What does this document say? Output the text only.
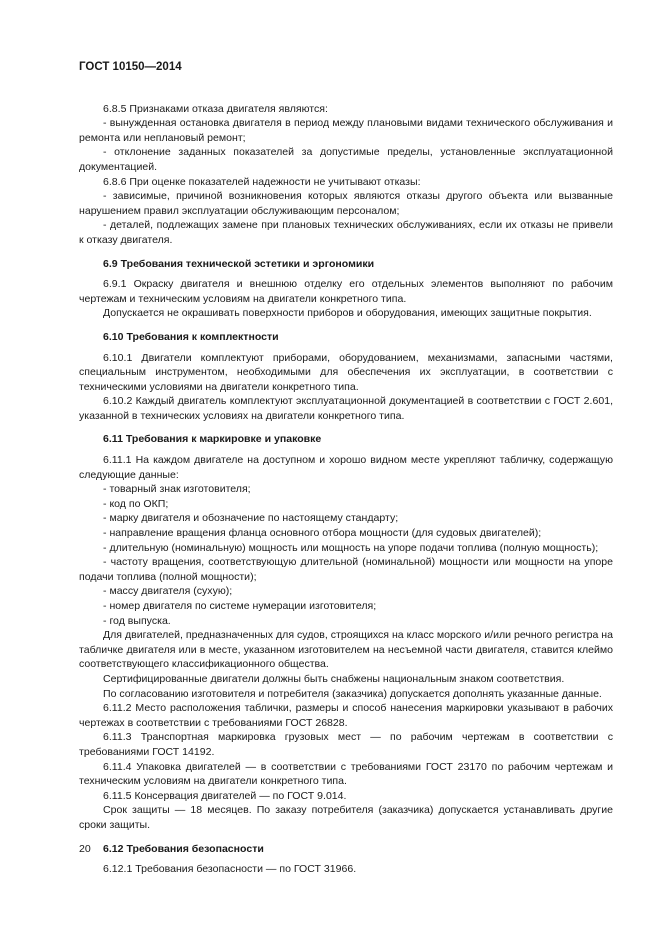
ГОСТ 10150—2014

6.8.5 Признаками отказа двигателя являются:

- вынужденная остановка двигателя в период между плановыми видами технического обслуживания и ремонта или неплановый ремонт;

- отклонение заданных показателей за допустимые пределы, установленные эксплуатационной документацией.

6.8.6 При оценке показателей надежности не учитывают отказы:

- зависимые, причиной возникновения которых являются отказы другого объекта или вызванные нарушением правил эксплуатации обслуживающим персоналом;

- деталей, подлежащих замене при плановых технических обслуживаниях, если их отказы не привели к отказу двигателя.

6.9 Требования технической эстетики и эргономики

6.9.1 Окраску двигателя и внешнюю отделку его отдельных элементов выполняют по рабочим чертежам и техническим условиям на двигатели конкретного типа.

Допускается не окрашивать поверхности приборов и оборудования, имеющих защитные покрытия.

6.10 Требования к комплектности

6.10.1 Двигатели комплектуют приборами, оборудованием, механизмами, запасными частями, специальным инструментом, необходимыми для обеспечения их эксплуатации, в соответствии с техническими условиями на двигатели конкретного типа.

6.10.2 Каждый двигатель комплектуют эксплуатационной документацией в соответствии с ГОСТ 2.601, указанной в технических условиях на двигатели конкретного типа.

6.11 Требования к маркировке и упаковке

6.11.1 На каждом двигателе на доступном и хорошо видном месте укрепляют табличку, содержащую следующие данные:

- товарный знак изготовителя;

- код по ОКП;

- марку двигателя и обозначение по настоящему стандарту;

- направление вращения фланца основного отбора мощности (для судовых двигателей);

- длительную (номинальную) мощность или мощность на упоре подачи топлива (полную мощность);

- частоту вращения, соответствующую длительной (номинальной) мощности или мощности на упоре подачи топлива (полной мощности);

- массу двигателя (сухую);

- номер двигателя по системе нумерации изготовителя;

- год выпуска.

Для двигателей, предназначенных для судов, строящихся на класс морского и/или речного регистра на табличке двигателя или в месте, указанном изготовителем на несъемной части двигателя, ставится клеймо соответствующего классификационного общества.

Сертифицированные двигатели должны быть снабжены национальным знаком соответствия.

По согласованию изготовителя и потребителя (заказчика) допускается дополнять указанные данные.

6.11.2 Место расположения таблички, размеры и способ нанесения маркировки указывают в рабочих чертежах в соответствии с требованиями ГОСТ 26828.

6.11.3 Транспортная маркировка грузовых мест — по рабочим чертежам в соответствии с требованиями ГОСТ 14192.

6.11.4 Упаковка двигателей — в соответствии с требованиями ГОСТ 23170 по рабочим чертежам и техническим условиям на двигатели конкретного типа.

6.11.5 Консервация двигателей — по ГОСТ 9.014.

Срок защиты — 18 месяцев. По заказу потребителя (заказчика) допускается устанавливать другие сроки защиты.

6.12 Требования безопасности

6.12.1 Требования безопасности — по ГОСТ 31966.

20
